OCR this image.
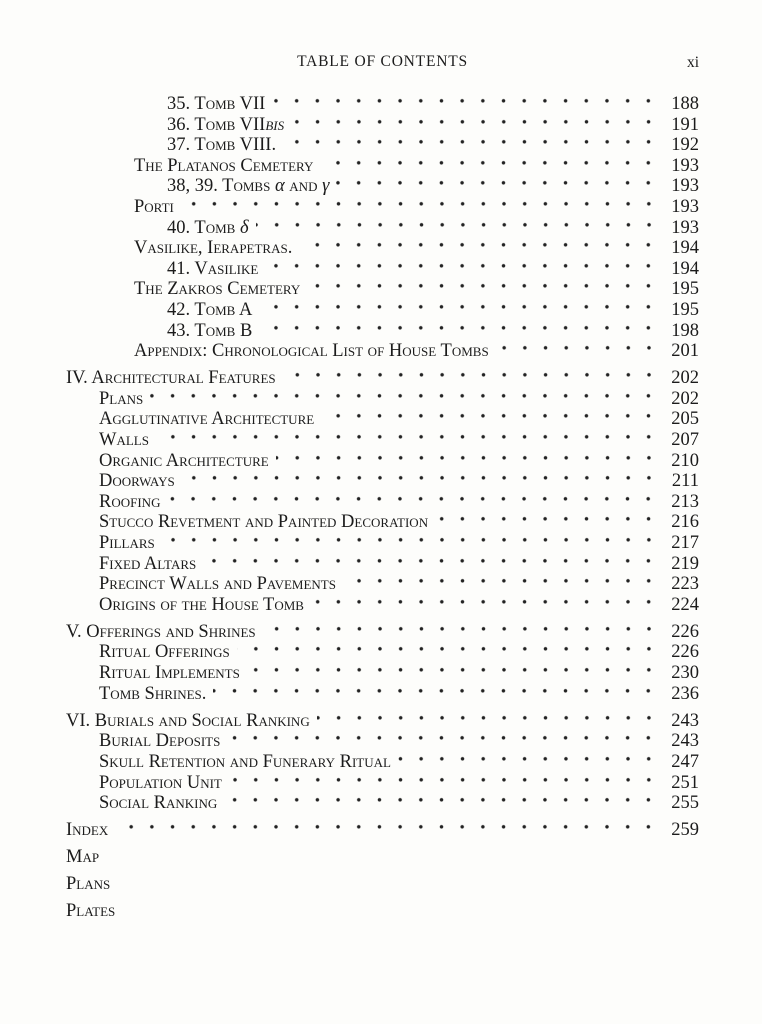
TABLE OF CONTENTS	xi
35. Tomb VII	188
36. Tomb VIIbis	191
37. Tomb VIII.	192
The Platanos Cemetery	193
38, 39. Tombs α and γ	193
Porti	193
40. Tomb δ	193
Vasilike, Ierapetras.	194
41. Vasilike	194
The Zakros Cemetery	195
42. Tomb A	195
43. Tomb B	198
Appendix: Chronological List of House Tombs	201
IV. Architectural Features	202
Plans	202
Agglutinative Architecture	205
Walls	207
Organic Architecture	210
Doorways	211
Roofing	213
Stucco Revetment and Painted Decoration	216
Pillars	217
Fixed Altars	219
Precinct Walls and Pavements	223
Origins of the House Tomb	224
V. Offerings and Shrines	226
Ritual Offerings	226
Ritual Implements	230
Tomb Shrines.	236
VI. Burials and Social Ranking	243
Burial Deposits	243
Skull Retention and Funerary Ritual	247
Population Unit	251
Social Ranking	255
Index	259
Map
Plans
Plates
